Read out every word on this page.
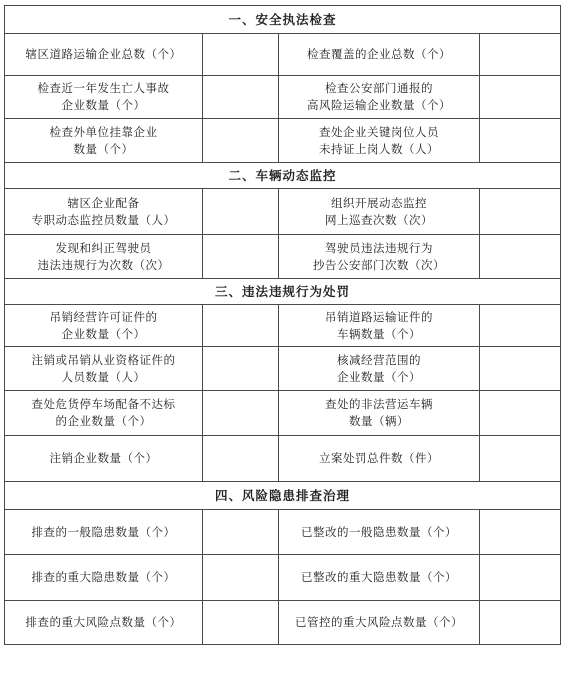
一、安全执法检查			

辖区道路运输企业总数（个）		检查覆盖的企业总数（个）	

检查近一年发生亡人事故
企业数量（个）		检查公安部门通报的
高风险运输企业数量（个）	

检查外单位挂靠企业
数量（个）		查处企业关键岗位人员
未持证上岗人数（人）	

二、车辆动态监控			

辖区企业配备
专职动态监控员数量（人）		组织开展动态监控
网上巡查次数（次）	

发现和纠正驾驶员
违法违规行为次数（次）		驾驶员违法违规行为
抄告公安部门次数（次）	

三、违法违规行为处罚			

吊销经营许可证件的
企业数量（个）		吊销道路运输证件的
车辆数量（个）	

注销或吊销从业资格证件的
人员数量（人）		核减经营范围的
企业数量（个）	

查处危货停车场配备不达标
的企业数量（个）		查处的非法营运车辆
数量（辆）	

注销企业数量（个）		立案处罚总件数（件）	

四、风险隐患排查治理			

排查的一般隐患数量（个）		已整改的一般隐患数量（个）	

排查的重大隐患数量（个）		已整改的重大隐患数量（个）	

排查的重大风险点数量（个）		已管控的重大风险点数量（个）	
